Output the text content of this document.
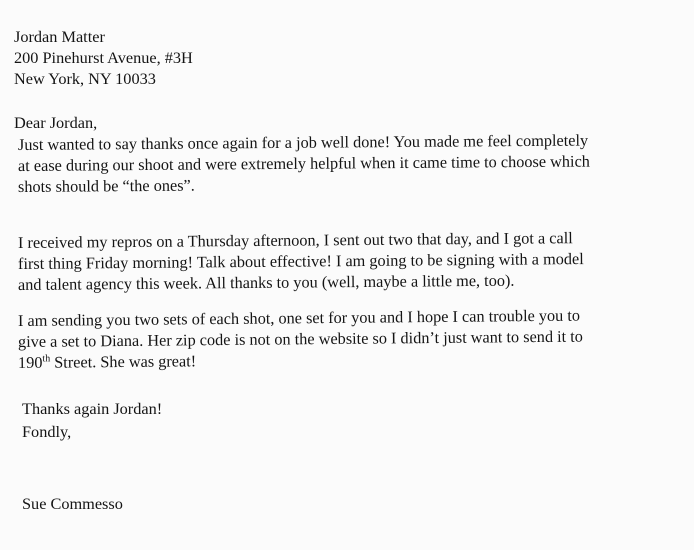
Jordan Matter
200 Pinehurst Avenue, #3H
New York, NY 10033
Dear Jordan,
Just wanted to say thanks once again for a job well done! You made me feel completely
at ease during our shoot and were extremely helpful when it came time to choose which
shots should be “the ones”.
I received my repros on a Thursday afternoon, I sent out two that day, and I got a call
first thing Friday morning! Talk about effective! I am going to be signing with a model
and talent agency this week. All thanks to you (well, maybe a little me, too).
I am sending you two sets of each shot, one set for you and I hope I can trouble you to
give a set to Diana. Her zip code is not on the website so I didn’t just want to send it to
190th Street. She was great!
Thanks again Jordan!
Fondly,
Sue Commesso
